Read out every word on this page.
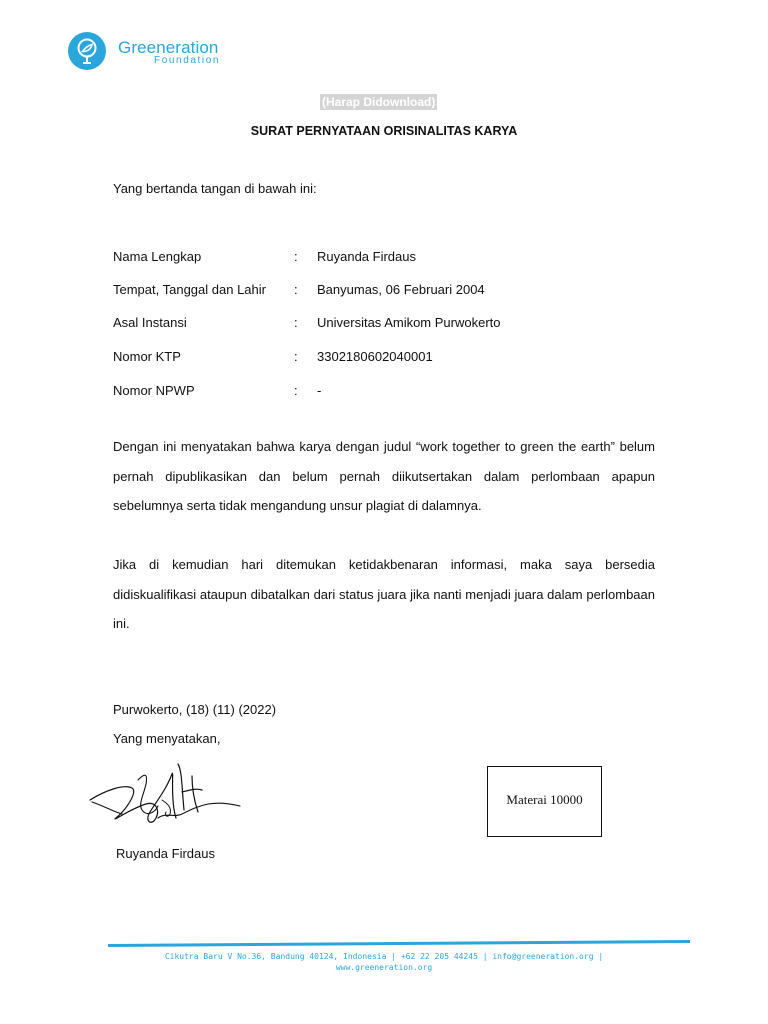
Greeneration
Foundation
(Harap Didownload)
SURAT PERNYATAAN ORISINALITAS KARYA
Yang bertanda tangan di bawah ini:
Nama Lengkap	: Ruyanda Firdaus
Tempat, Tanggal dan Lahir : Banyumas, 06 Februari 2004
Asal Instansi	: Universitas Amikom Purwokerto
Nomor KTP	: 3302180602040001
Nomor NPWP	: -
Dengan ini menyatakan bahwa karya dengan judul “work together to green the earth” belum pernah dipublikasikan dan belum pernah diikutsertakan dalam perlombaan apapun sebelumnya serta tidak mengandung unsur plagiat di dalamnya.
Jika di kemudian hari ditemukan ketidakbenaran informasi, maka saya bersedia didiskualifikasi ataupun dibatalkan dari status juara jika nanti menjadi juara dalam perlombaan ini.
Purwokerto, (18) (11) (2022)
Yang menyatakan,
Materai 10000
Ruyanda Firdaus
Cikutra Baru V No.36, Bandung 40124, Indonesia | +62 22 205 44245 | info@greeneration.org |
www.greeneration.org
